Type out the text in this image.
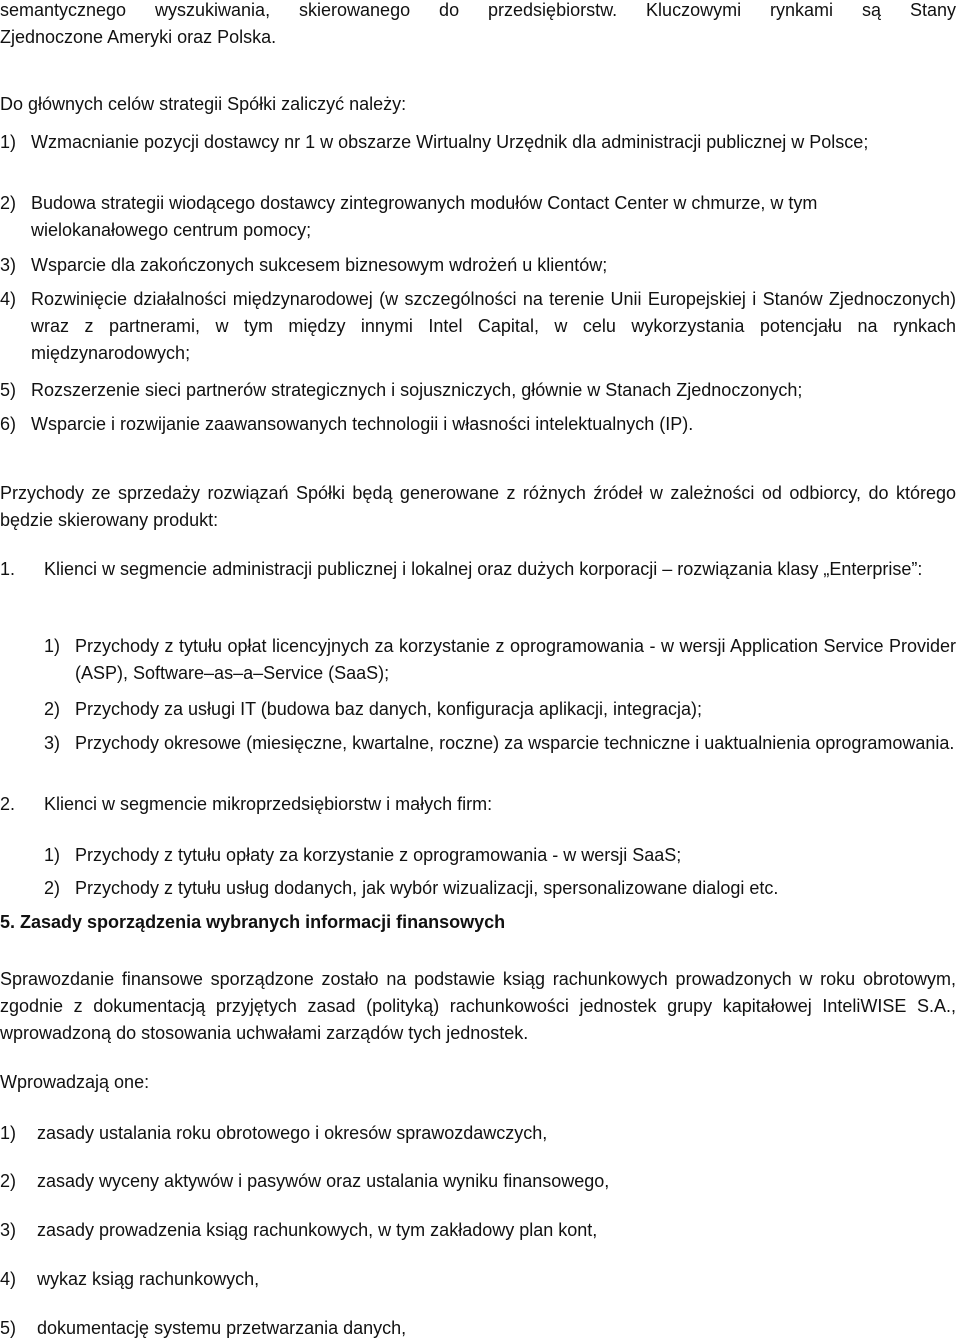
semantycznego wyszukiwania, skierowanego do przedsiębiorstw. Kluczowymi rynkami są Stany

Zjednoczone Ameryki oraz Polska.

Do głównych celów strategii Spółki zaliczyć należy:

1) Wzmacnianie pozycji dostawcy nr 1 w obszarze Wirtualny Urzędnik dla administracji publicznej w Polsce;
2) Budowa strategii wiodącego dostawcy zintegrowanych modułów Contact Center w chmurze, w tym wielokanałowego centrum pomocy;
3) Wsparcie dla zakończonych sukcesem biznesowym wdrożeń u klientów;
4) Rozwinięcie działalności międzynarodowej (w szczególności na terenie Unii Europejskiej i Stanów Zjednoczonych) wraz z partnerami, w tym między innymi Intel Capital, w celu wykorzystania potencjału na rynkach międzynarodowych;
5) Rozszerzenie sieci partnerów strategicznych i sojuszniczych, głównie w Stanach Zjednoczonych;
6) Wsparcie i rozwijanie zaawansowanych technologii i własności intelektualnych (IP).

Przychody ze sprzedaży rozwiązań Spółki będą generowane z różnych źródeł w zależności od odbiorcy, do którego będzie skierowany produkt:

1.	Klienci w segmencie administracji publicznej i lokalnej oraz dużych korporacji – rozwiązania klasy „Enterprise”:
1) Przychody z tytułu opłat licencyjnych za korzystanie z oprogramowania - w wersji Application Service Provider (ASP), Software–as–a–Service (SaaS);
2) Przychody za usługi IT (budowa baz danych, konfiguracja aplikacji, integracja);
3) Przychody okresowe (miesięczne, kwartalne, roczne) za wsparcie techniczne i uaktualnienia oprogramowania.
2.	Klienci w segmencie mikroprzedsiębiorstw i małych firm:
1) Przychody z tytułu opłaty za korzystanie z oprogramowania - w wersji SaaS;
2) Przychody z tytułu usług dodanych, jak wybór wizualizacji, spersonalizowane dialogi etc.

5. Zasady sporządzenia wybranych informacji finansowych

Sprawozdanie finansowe sporządzone zostało na podstawie ksiąg rachunkowych prowadzonych w roku obrotowym, zgodnie z dokumentacją przyjętych zasad (polityką) rachunkowości jednostek grupy kapitałowej InteliWISE S.A., wprowadzoną do stosowania uchwałami zarządów tych jednostek.

Wprowadzają one:

1)	zasady ustalania roku obrotowego i okresów sprawozdawczych,
2)	zasady wyceny aktywów i pasywów oraz ustalania wyniku finansowego,
3)	zasady prowadzenia ksiąg rachunkowych, w tym zakładowy plan kont,
4)	wykaz ksiąg rachunkowych,
5)	dokumentację systemu przetwarzania danych,
